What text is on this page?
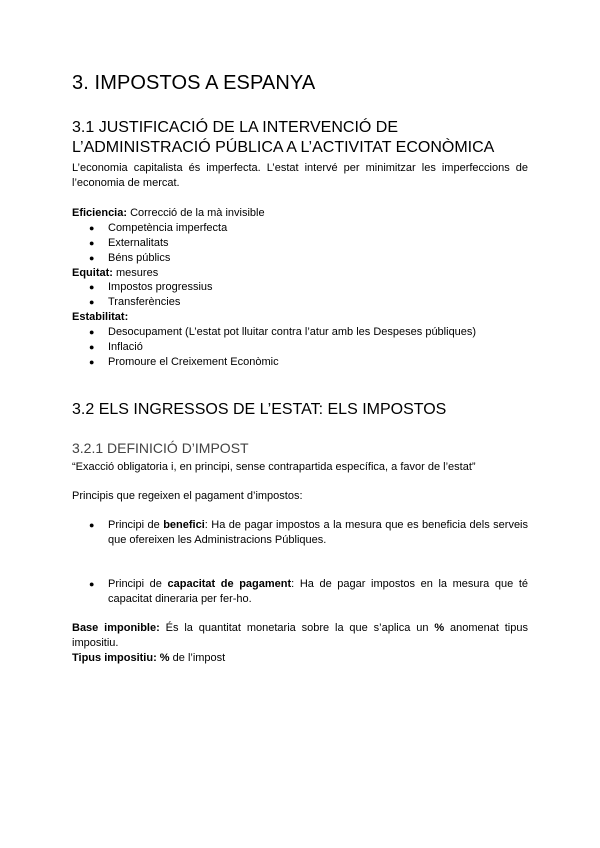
3. IMPOSTOS A ESPANYA
3.1 JUSTIFICACIÓ DE LA INTERVENCIÓ DE L’ADMINISTRACIÓ PÚBLICA A L’ACTIVITAT ECONÒMICA

L’economia capitalista és imperfecta. L’estat intervé per minimitzar les imperfeccions de l’economia de mercat.

Eficiencia: Correcció de la mà invisible
● Competència imperfecta
● Externalitats
● Béns públics
Equitat: mesures
● Impostos progressius
● Transferències
Estabilitat:
● Desocupament (L’estat pot lluitar contra l’atur amb les Despeses públiques)
● Inflació
● Promoure el Creixement Econòmic
3.2 ELS INGRESSOS DE L’ESTAT: ELS IMPOSTOS
3.2.1 DEFINICIÓ D’IMPOST

“Exacció obligatoria i, en principi, sense contrapartida específica, a favor de l’estat”

Principis que regeixen el pagament d’impostos:

● Principi de benefici: Ha de pagar impostos a la mesura que es beneficia dels serveis que ofereixen les Administracions Públiques.
● Principi de capacitat de pagament: Ha de pagar impostos en la mesura que té capacitat dineraria per fer-ho.

Base imponible: És la quantitat monetaria sobre la que s’aplica un % anomenat tipus impositiu.

Tipus impositiu: % de l’impost
